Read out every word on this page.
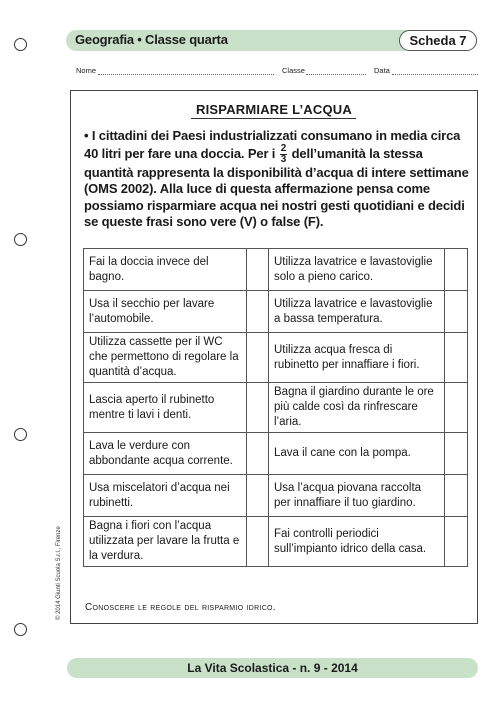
Geografia • Classe quarta	Scheda 7
Nome	Classe	Data
RISPARMIARE L’ACQUA
• I cittadini dei Paesi industrializzati consumano in media circa 40 litri per fare una doccia. Per i $\frac{2}{3}$ dell’umanità la stessa quantità rappresenta la disponibilità d’acqua di intere settimane (OMS 2002). Alla luce di questa affermazione pensa come possiamo risparmiare acqua nei nostri gesti quotidiani e decidi se queste frasi sono vere (V) o false (F).
Fai la doccia invece del bagno.		Utilizza lavatrice e lavastoviglie solo a pieno carico.	
Usa il secchio per lavare l’automobile.		Utilizza lavatrice e lavastoviglie a bassa temperatura.	
Utilizza cassette per il WC che permettono di regolare la quantità d’acqua.		Utilizza acqua fresca di rubinetto per innaffiare i fiori.	
Lascia aperto il rubinetto mentre ti lavi i denti.		Bagna il giardino durante le ore più calde così da rinfrescare l’aria.	
Lava le verdure con abbondante acqua corrente.		Lava il cane con la pompa.	
Usa miscelatori d’acqua nei rubinetti.		Usa l’acqua piovana raccolta per innaffiare il tuo giardino.	
Bagna i fiori con l’acqua utilizzata per lavare la frutta e la verdura.		Fai controlli periodici sull’impianto idrico della casa.	
Conoscere le regole del risparmio idrico.
© 2014 Giunti Scuola S.r.l., Firenze
La Vita Scolastica - n. 9 - 2014
